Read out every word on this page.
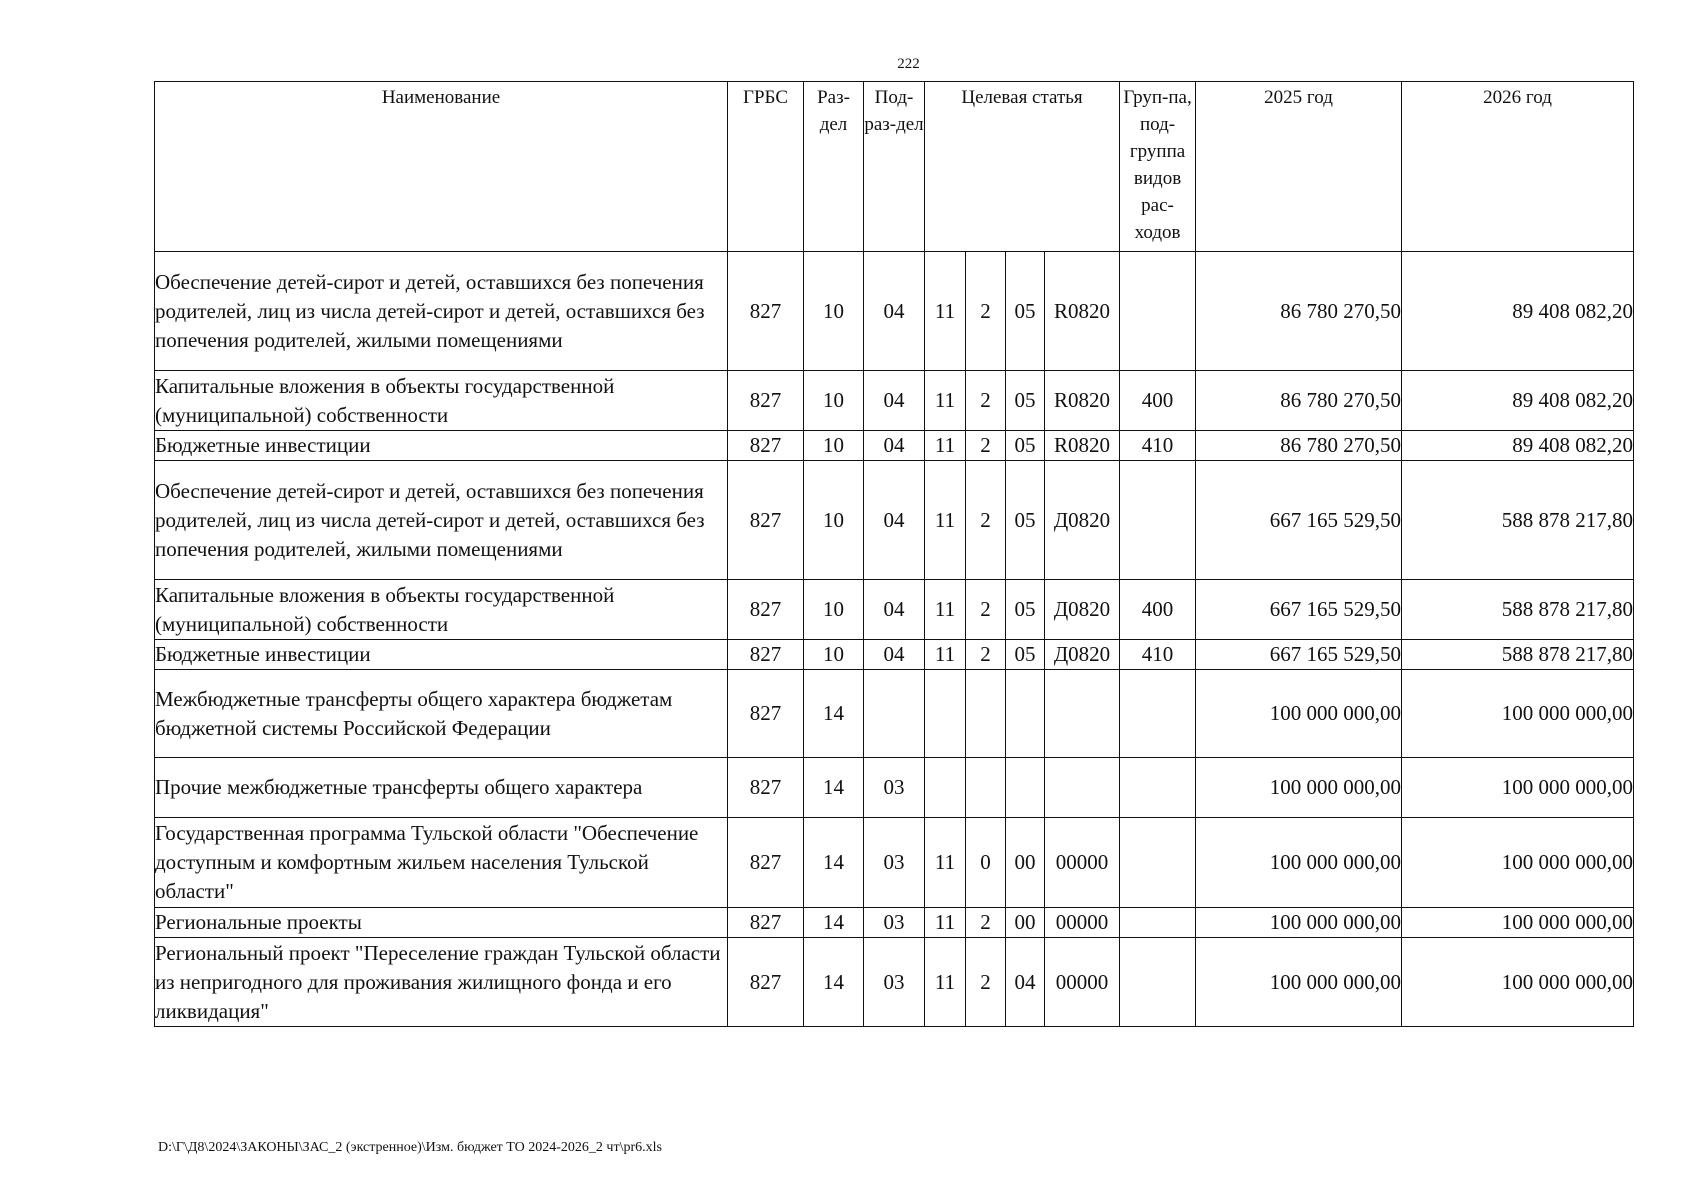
222
Наименование	ГРБС	Раз-дел	Под-раз-дел	Целевая статья				Груп-па, под-группа видов рас-ходов	2025 год	2026 год
Обеспечение детей-сирот и детей, оставшихся без попечения родителей, лиц из числа детей-сирот и детей, оставшихся без попечения родителей, жилыми помещениями	827	10	04	11	2	05	R0820		86 780 270,50	89 408 082,20
Капитальные вложения в объекты государственной (муниципальной) собственности	827	10	04	11	2	05	R0820	400	86 780 270,50	89 408 082,20
Бюджетные инвестиции	827	10	04	11	2	05	R0820	410	86 780 270,50	89 408 082,20
Обеспечение детей-сирот и детей, оставшихся без попечения родителей, лиц из числа детей-сирот и детей, оставшихся без попечения родителей, жилыми помещениями	827	10	04	11	2	05	Д0820		667 165 529,50	588 878 217,80
Капитальные вложения в объекты государственной (муниципальной) собственности	827	10	04	11	2	05	Д0820	400	667 165 529,50	588 878 217,80
Бюджетные инвестиции	827	10	04	11	2	05	Д0820	410	667 165 529,50	588 878 217,80
Межбюджетные трансферты общего характера бюджетам бюджетной системы Российской Федерации	827	14							100 000 000,00	100 000 000,00
Прочие межбюджетные трансферты общего характера	827	14	03						100 000 000,00	100 000 000,00
Государственная программа Тульской области "Обеспечение доступным и комфортным жильем населения Тульской области"	827	14	03	11	0	00	00000		100 000 000,00	100 000 000,00
Региональные проекты	827	14	03	11	2	00	00000		100 000 000,00	100 000 000,00
Региональный проект "Переселение граждан Тульской области из непригодного для проживания жилищного фонда и его ликвидация"	827	14	03	11	2	04	00000		100 000 000,00	100 000 000,00
D:\Г\Д8\2024\ЗАКОНЫ\ЗАС_2 (экстренное)\Изм. бюджет ТО 2024-2026_2 чт\pr6.xls
